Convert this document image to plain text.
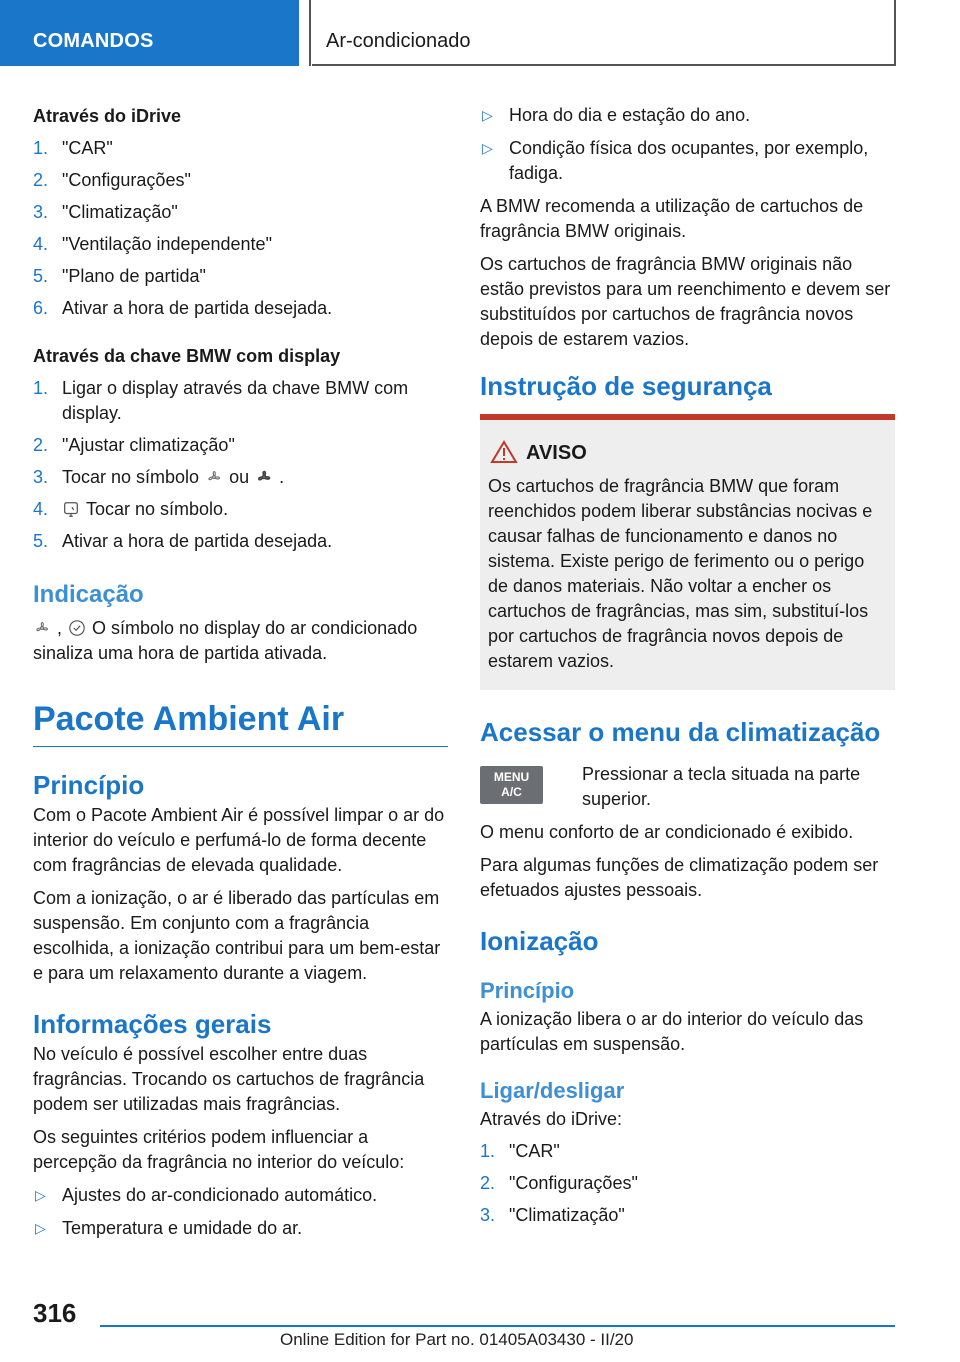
COMANDOS	Ar-condicionado
Através do iDrive
1. "CAR"
2. "Configurações"
3. "Climatização"
4. "Ventilação independente"
5. "Plano de partida"
6. Ativar a hora de partida desejada.
Através da chave BMW com display
1. Ligar o display através da chave BMW com display.
2. "Ajustar climatização"
3. Tocar no símbolo ou .
4. Tocar no símbolo.
5. Ativar a hora de partida desejada.
Indicação

, O símbolo no display do ar condicionado sinaliza uma hora de partida ativada.

Pacote Ambient Air
Princípio

Com o Pacote Ambient Air é possível limpar o ar do interior do veículo e perfumá-lo de forma decente com fragrâncias de elevada qualidade.

Com a ionização, o ar é liberado das partículas em suspensão. Em conjunto com a fragrância escolhida, a ionização contribui para um bem-estar e para um relaxamento durante a viagem.

Informações gerais

No veículo é possível escolher entre duas fragrâncias. Trocando os cartuchos de fragrância podem ser utilizadas mais fragrâncias.

Os seguintes critérios podem influenciar a percepção da fragrância no interior do veículo:

▷ Ajustes do ar-condicionado automático.
▷ Temperatura e umidade do ar.
▷ Hora do dia e estação do ano.
▷ Condição física dos ocupantes, por exemplo, fadiga.

A BMW recomenda a utilização de cartuchos de fragrância BMW originais.

Os cartuchos de fragrância BMW originais não estão previstos para um reenchimento e devem ser substituídos por cartuchos de fragrância novos depois de estarem vazios.

Instrução de segurança
AVISO
Os cartuchos de fragrância BMW que foram reenchidos podem liberar substâncias nocivas e causar falhas de funcionamento e danos no sistema. Existe perigo de ferimento ou o perigo de danos materiais. Não voltar a encher os cartuchos de fragrâncias, mas sim, substituí-los por cartuchos de fragrância novos depois de estarem vazios.
Acessar o menu da climatização
MENU
A/C
Pressionar a tecla situada na parte superior.

O menu conforto de ar condicionado é exibido.

Para algumas funções de climatização podem ser efetuados ajustes pessoais.

Ionização
Princípio

A ionização libera o ar do interior do veículo das partículas em suspensão.

Ligar/desligar

Através do iDrive:

1. "CAR"
2. "Configurações"
3. "Climatização"
316
Online Edition for Part no. 01405A03430 - II/20
